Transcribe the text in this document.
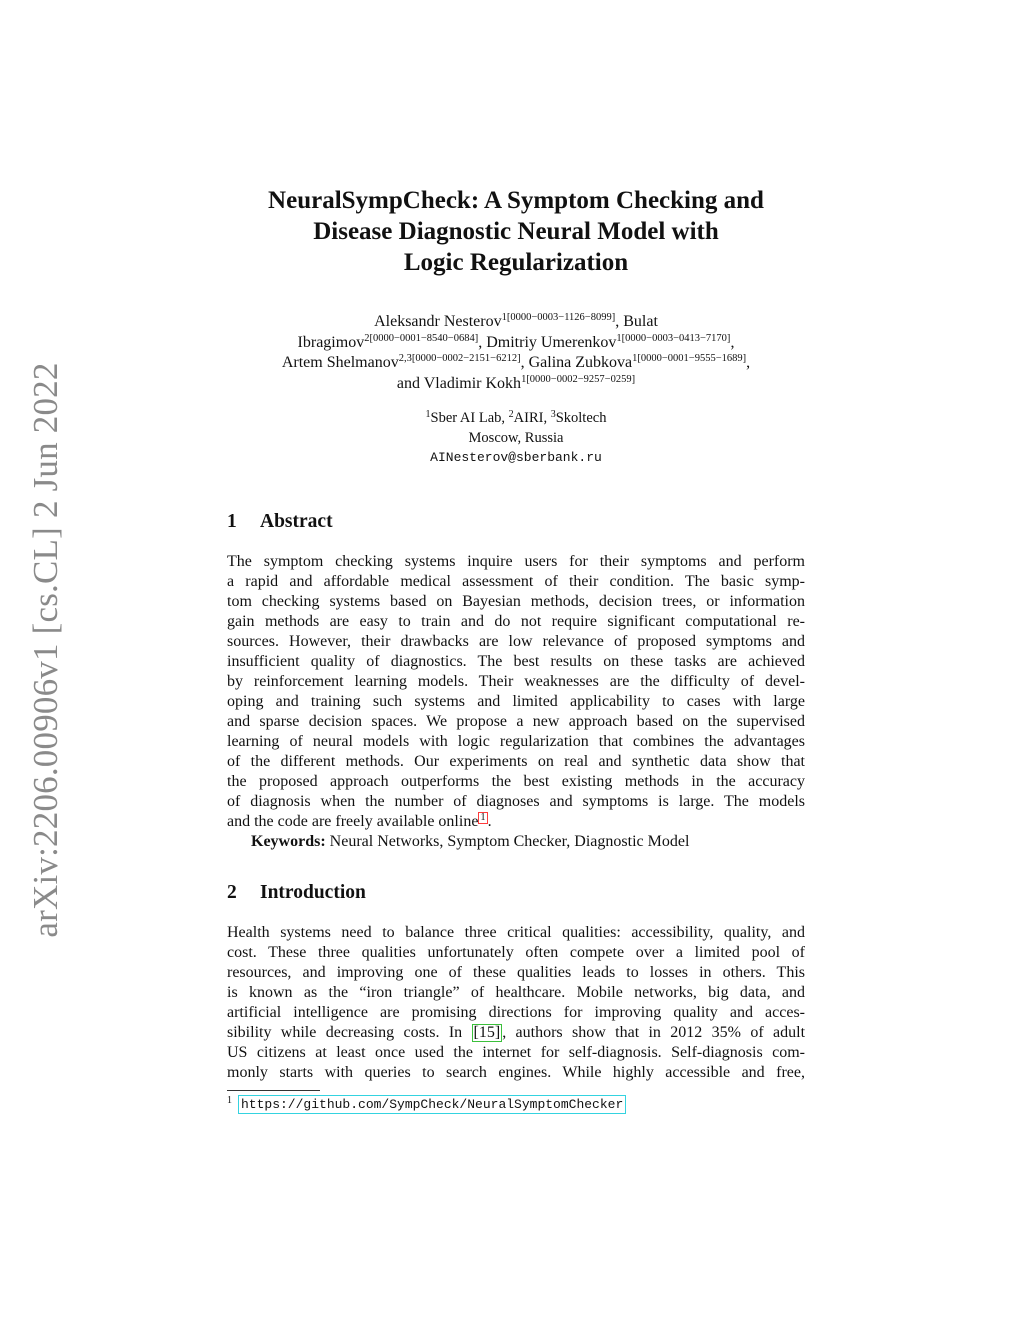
arXiv:2206.00906v1 [cs.CL] 2 Jun 2022
NeuralSympCheck: A Symptom Checking and
Disease Diagnostic Neural Model with
Logic Regularization
Aleksandr Nesterov$^{1[0000-0003-1126-8099]}$, Bulat
Ibragimov$^{2[0000-0001-8540-0684]}$, Dmitriy Umerenkov$^{1[0000-0003-0413-7170]}$,
Artem Shelmanov$^{2,3[0000-0002-2151-6212]}$, Galina Zubkova$^{1[0000-0001-9555-1689]}$,
and Vladimir Kokh$^{1[0000-0002-9257-0259]}$
$^1$Sber AI Lab, $^2$AIRI, $^3$Skoltech
Moscow, Russia
AINesterov@sberbank.ru
1 Abstract
The symptom checking systems inquire users for their symptoms and perform
a rapid and affordable medical assessment of their condition. The basic symp-
tom checking systems based on Bayesian methods, decision trees, or information
gain methods are easy to train and do not require significant computational re-
sources. However, their drawbacks are low relevance of proposed symptoms and
insufficient quality of diagnostics. The best results on these tasks are achieved
by reinforcement learning models. Their weaknesses are the difficulty of devel-
oping and training such systems and limited applicability to cases with large
and sparse decision spaces. We propose a new approach based on the supervised
learning of neural models with logic regularization that combines the advantages
of the different methods. Our experiments on real and synthetic data show that
the proposed approach outperforms the best existing methods in the accuracy
of diagnosis when the number of diagnoses and symptoms is large. The models
and the code are freely available online 1 .
Keywords: Neural Networks, Symptom Checker, Diagnostic Model
2 Introduction
Health systems need to balance three critical qualities: accessibility, quality, and
cost. These three qualities unfortunately often compete over a limited pool of
resources, and improving one of these qualities leads to losses in others. This
is known as the “iron triangle” of healthcare. Mobile networks, big data, and
artificial intelligence are promising directions for improving quality and acces-
sibility while decreasing costs. In [15] , authors show that in 2012 35% of adult
US citizens at least once used the internet for self-diagnosis. Self-diagnosis com-
monly starts with queries to search engines. While highly accessible and free,
$^1$ https://github.com/SympCheck/NeuralSymptomChecker
